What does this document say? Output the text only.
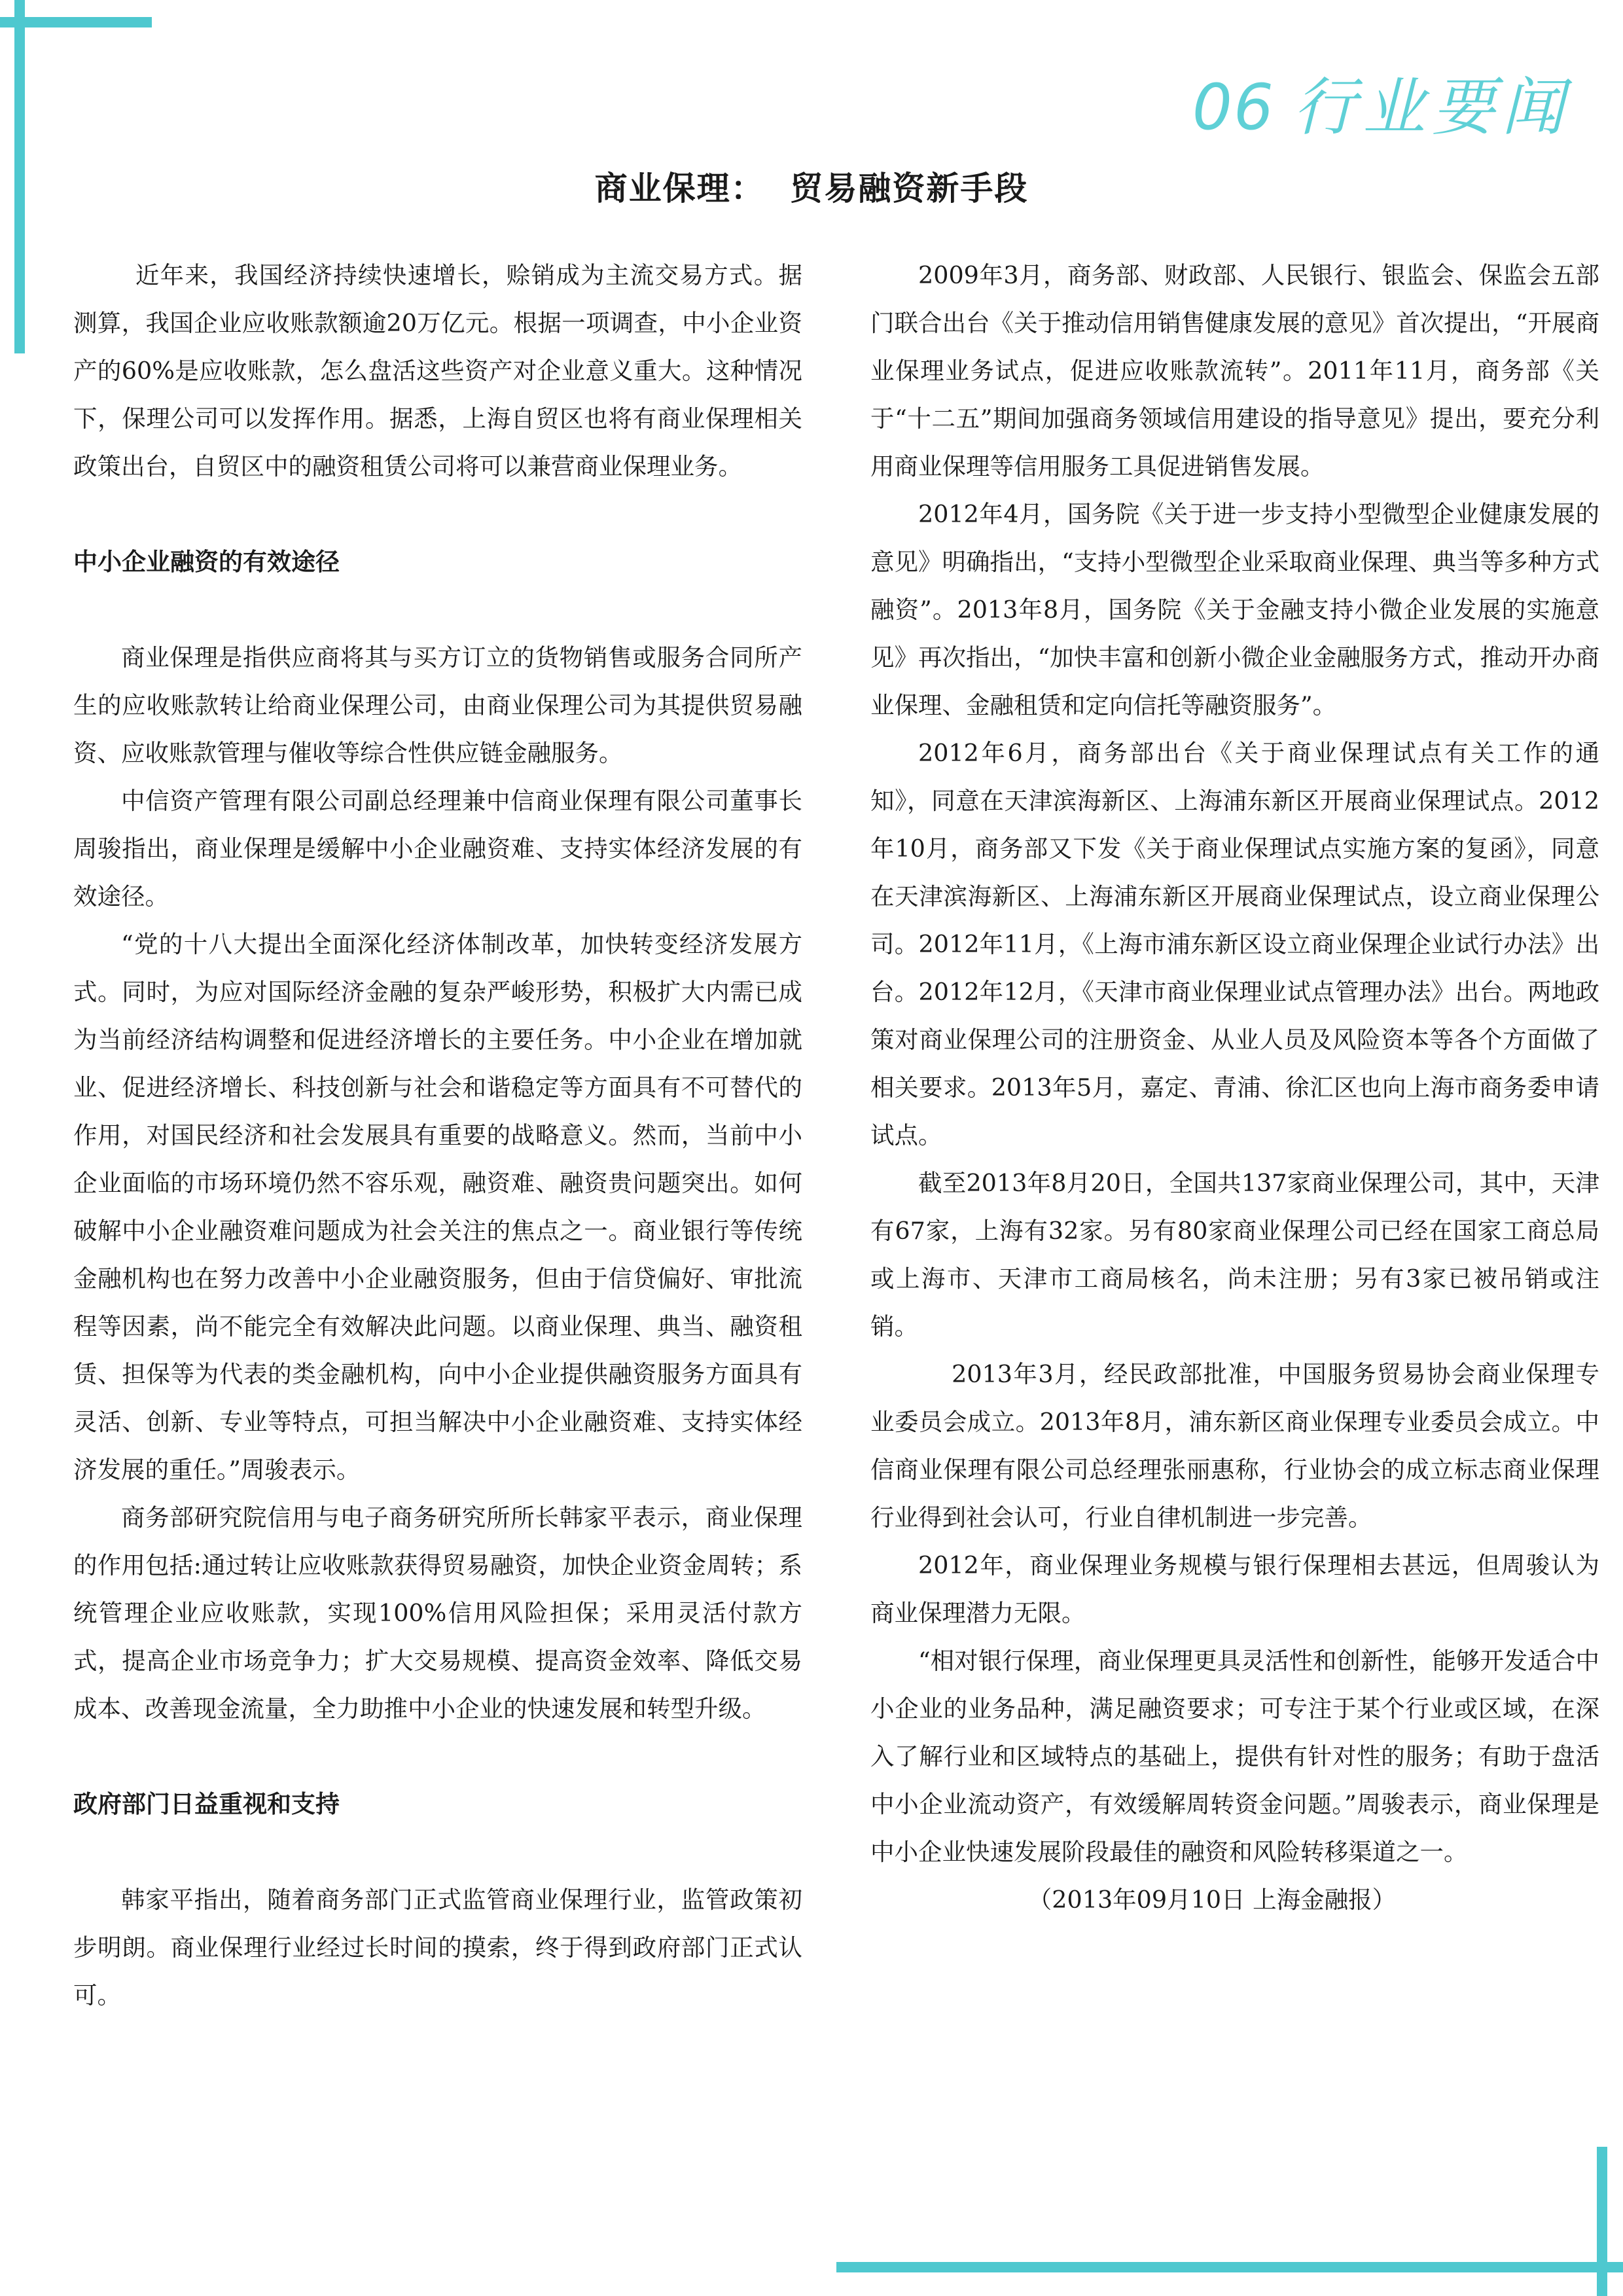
06 行业要闻
商业保理：  贸易融资新手段

近年来，我国经济持续快速增长，赊销成为主流交易方式。据测算，我国企业应收账款额逾20万亿元。根据一项调查，中小企业资产的60%是应收账款，怎么盘活这些资产对企业意义重大。这种情况下，保理公司可以发挥作用。据悉，上海自贸区也将有商业保理相关政策出台，自贸区中的融资租赁公司将可以兼营商业保理业务。

中小企业融资的有效途径

商业保理是指供应商将其与买方订立的货物销售或服务合同所产生的应收账款转让给商业保理公司，由商业保理公司为其提供贸易融资、应收账款管理与催收等综合性供应链金融服务。

中信资产管理有限公司副总经理兼中信商业保理有限公司董事长周骏指出，商业保理是缓解中小企业融资难、支持实体经济发展的有效途径。

“党的十八大提出全面深化经济体制改革，加快转变经济发展方式。同时，为应对国际经济金融的复杂严峻形势，积极扩大内需已成为当前经济结构调整和促进经济增长的主要任务。中小企业在增加就业、促进经济增长、科技创新与社会和谐稳定等方面具有不可替代的作用，对国民经济和社会发展具有重要的战略意义。然而，当前中小企业面临的市场环境仍然不容乐观，融资难、融资贵问题突出。如何破解中小企业融资难问题成为社会关注的焦点之一。商业银行等传统金融机构也在努力改善中小企业融资服务，但由于信贷偏好、审批流程等因素，尚不能完全有效解决此问题。以商业保理、典当、融资租赁、担保等为代表的类金融机构，向中小企业提供融资服务方面具有灵活、创新、专业等特点，可担当解决中小企业融资难、支持实体经济发展的重任。”周骏表示。

商务部研究院信用与电子商务研究所所长韩家平表示，商业保理的作用包括:通过转让应收账款获得贸易融资，加快企业资金周转；系统管理企业应收账款，实现100%信用风险担保；采用灵活付款方式，提高企业市场竞争力；扩大交易规模、提高资金效率、降低交易成本、改善现金流量，全力助推中小企业的快速发展和转型升级。

政府部门日益重视和支持

韩家平指出，随着商务部门正式监管商业保理行业，监管政策初步明朗。商业保理行业经过长时间的摸索，终于得到政府部门正式认可。

2009年3月，商务部、财政部、人民银行、银监会、保监会五部门联合出台《关于推动信用销售健康发展的意见》首次提出，“开展商业保理业务试点，促进应收账款流转”。2011年11月，商务部《关于“十二五”期间加强商务领域信用建设的指导意见》提出，要充分利用商业保理等信用服务工具促进销售发展。

2012年4月，国务院《关于进一步支持小型微型企业健康发展的意见》明确指出，“支持小型微型企业采取商业保理、典当等多种方式融资”。2013年8月，国务院《关于金融支持小微企业发展的实施意见》再次指出，“加快丰富和创新小微企业金融服务方式，推动开办商业保理、金融租赁和定向信托等融资服务”。

2012年6月，商务部出台《关于商业保理试点有关工作的通知》，同意在天津滨海新区、上海浦东新区开展商业保理试点。2012年10月，商务部又下发《关于商业保理试点实施方案的复函》，同意在天津滨海新区、上海浦东新区开展商业保理试点，设立商业保理公司。2012年11月，《上海市浦东新区设立商业保理企业试行办法》出台。2012年12月，《天津市商业保理业试点管理办法》出台。两地政策对商业保理公司的注册资金、从业人员及风险资本等各个方面做了相关要求。2013年5月，嘉定、青浦、徐汇区也向上海市商务委申请试点。

截至2013年8月20日，全国共137家商业保理公司，其中，天津有67家，上海有32家。另有80家商业保理公司已经在国家工商总局或上海市、天津市工商局核名，尚未注册；另有3家已被吊销或注销。

2013年3月，经民政部批准，中国服务贸易协会商业保理专业委员会成立。2013年8月，浦东新区商业保理专业委员会成立。中信商业保理有限公司总经理张丽惠称，行业协会的成立标志商业保理行业得到社会认可，行业自律机制进一步完善。

2012年，商业保理业务规模与银行保理相去甚远，但周骏认为商业保理潜力无限。

“相对银行保理，商业保理更具灵活性和创新性，能够开发适合中小企业的业务品种，满足融资要求；可专注于某个行业或区域，在深入了解行业和区域特点的基础上，提供有针对性的服务；有助于盘活中小企业流动资产，有效缓解周转资金问题。”周骏表示，商业保理是中小企业快速发展阶段最佳的融资和风险转移渠道之一。

（2013年09月10日 上海金融报）
